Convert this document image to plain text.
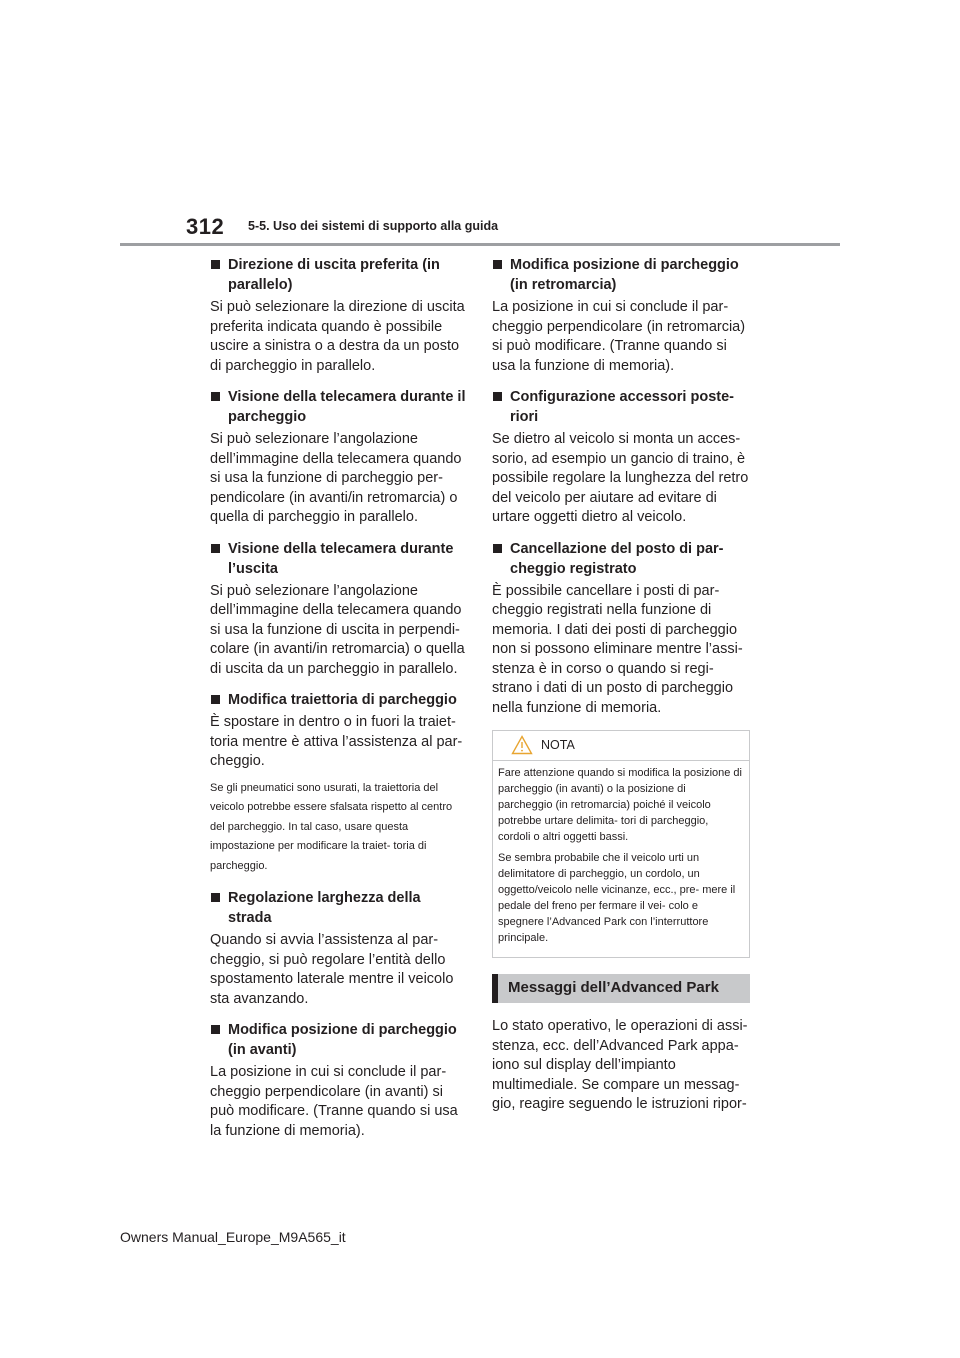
312 5-5. Uso dei sistemi di supporto alla guida
Direzione di uscita preferita (in parallelo)

Si può selezionare la direzione di uscita preferita indicata quando è possibile uscire a sinistra o a destra da un posto di parcheggio in parallelo.

Visione della telecamera durante il parcheggio

Si può selezionare l’angolazione dell’immagine della telecamera quando si usa la funzione di parcheggio per- pendicolare (in avanti/in retromarcia) o quella di parcheggio in parallelo.

Visione della telecamera durante l’uscita

Si può selezionare l’angolazione dell’immagine della telecamera quando si usa la funzione di uscita in perpendi- colare (in avanti/in retromarcia) o quella di uscita da un parcheggio in parallelo.

Modifica traiettoria di parcheggio

È spostare in dentro o in fuori la traiet- toria mentre è attiva l’assistenza al par- cheggio.

Se gli pneumatici sono usurati, la traiettoria del veicolo potrebbe essere sfalsata rispetto al centro del parcheggio. In tal caso, usare questa impostazione per modificare la traiet- toria di parcheggio.

Regolazione larghezza della strada

Quando si avvia l’assistenza al par- cheggio, si può regolare l’entità dello spostamento laterale mentre il veicolo sta avanzando.

Modifica posizione di parcheggio (in avanti)

La posizione in cui si conclude il par- cheggio perpendicolare (in avanti) si può modificare. (Tranne quando si usa la funzione di memoria).

Modifica posizione di parcheggio (in retromarcia)

La posizione in cui si conclude il par- cheggio perpendicolare (in retromarcia) si può modificare. (Tranne quando si usa la funzione di memoria).

Configurazione accessori poste- riori

Se dietro al veicolo si monta un acces- sorio, ad esempio un gancio di traino, è possibile regolare la lunghezza del retro del veicolo per aiutare ad evitare di urtare oggetti dietro al veicolo.

Cancellazione del posto di par- cheggio registrato

È possibile cancellare i posti di par- cheggio registrati nella funzione di memoria. I dati dei posti di parcheggio non si possono eliminare mentre l’assi- stenza è in corso o quando si regi- strano i dati di un posto di parcheggio nella funzione di memoria.

NOTA

Fare attenzione quando si modifica la posizione di parcheggio (in avanti) o la posizione di parcheggio (in retromarcia) poiché il veicolo potrebbe urtare delimita- tori di parcheggio, cordoli o altri oggetti bassi.

Se sembra probabile che il veicolo urti un delimitatore di parcheggio, un cordolo, un oggetto/veicolo nelle vicinanze, ecc., pre- mere il pedale del freno per fermare il vei- colo e spegnere l’Advanced Park con l’interruttore principale.

Messaggi dell’Advanced Park

Lo stato operativo, le operazioni di assi- stenza, ecc. dell’Advanced Park appa- iono sul display dell’impianto multimediale. Se compare un messag- gio, reagire seguendo le istruzioni ripor-

Owners Manual_Europe_M9A565_it
